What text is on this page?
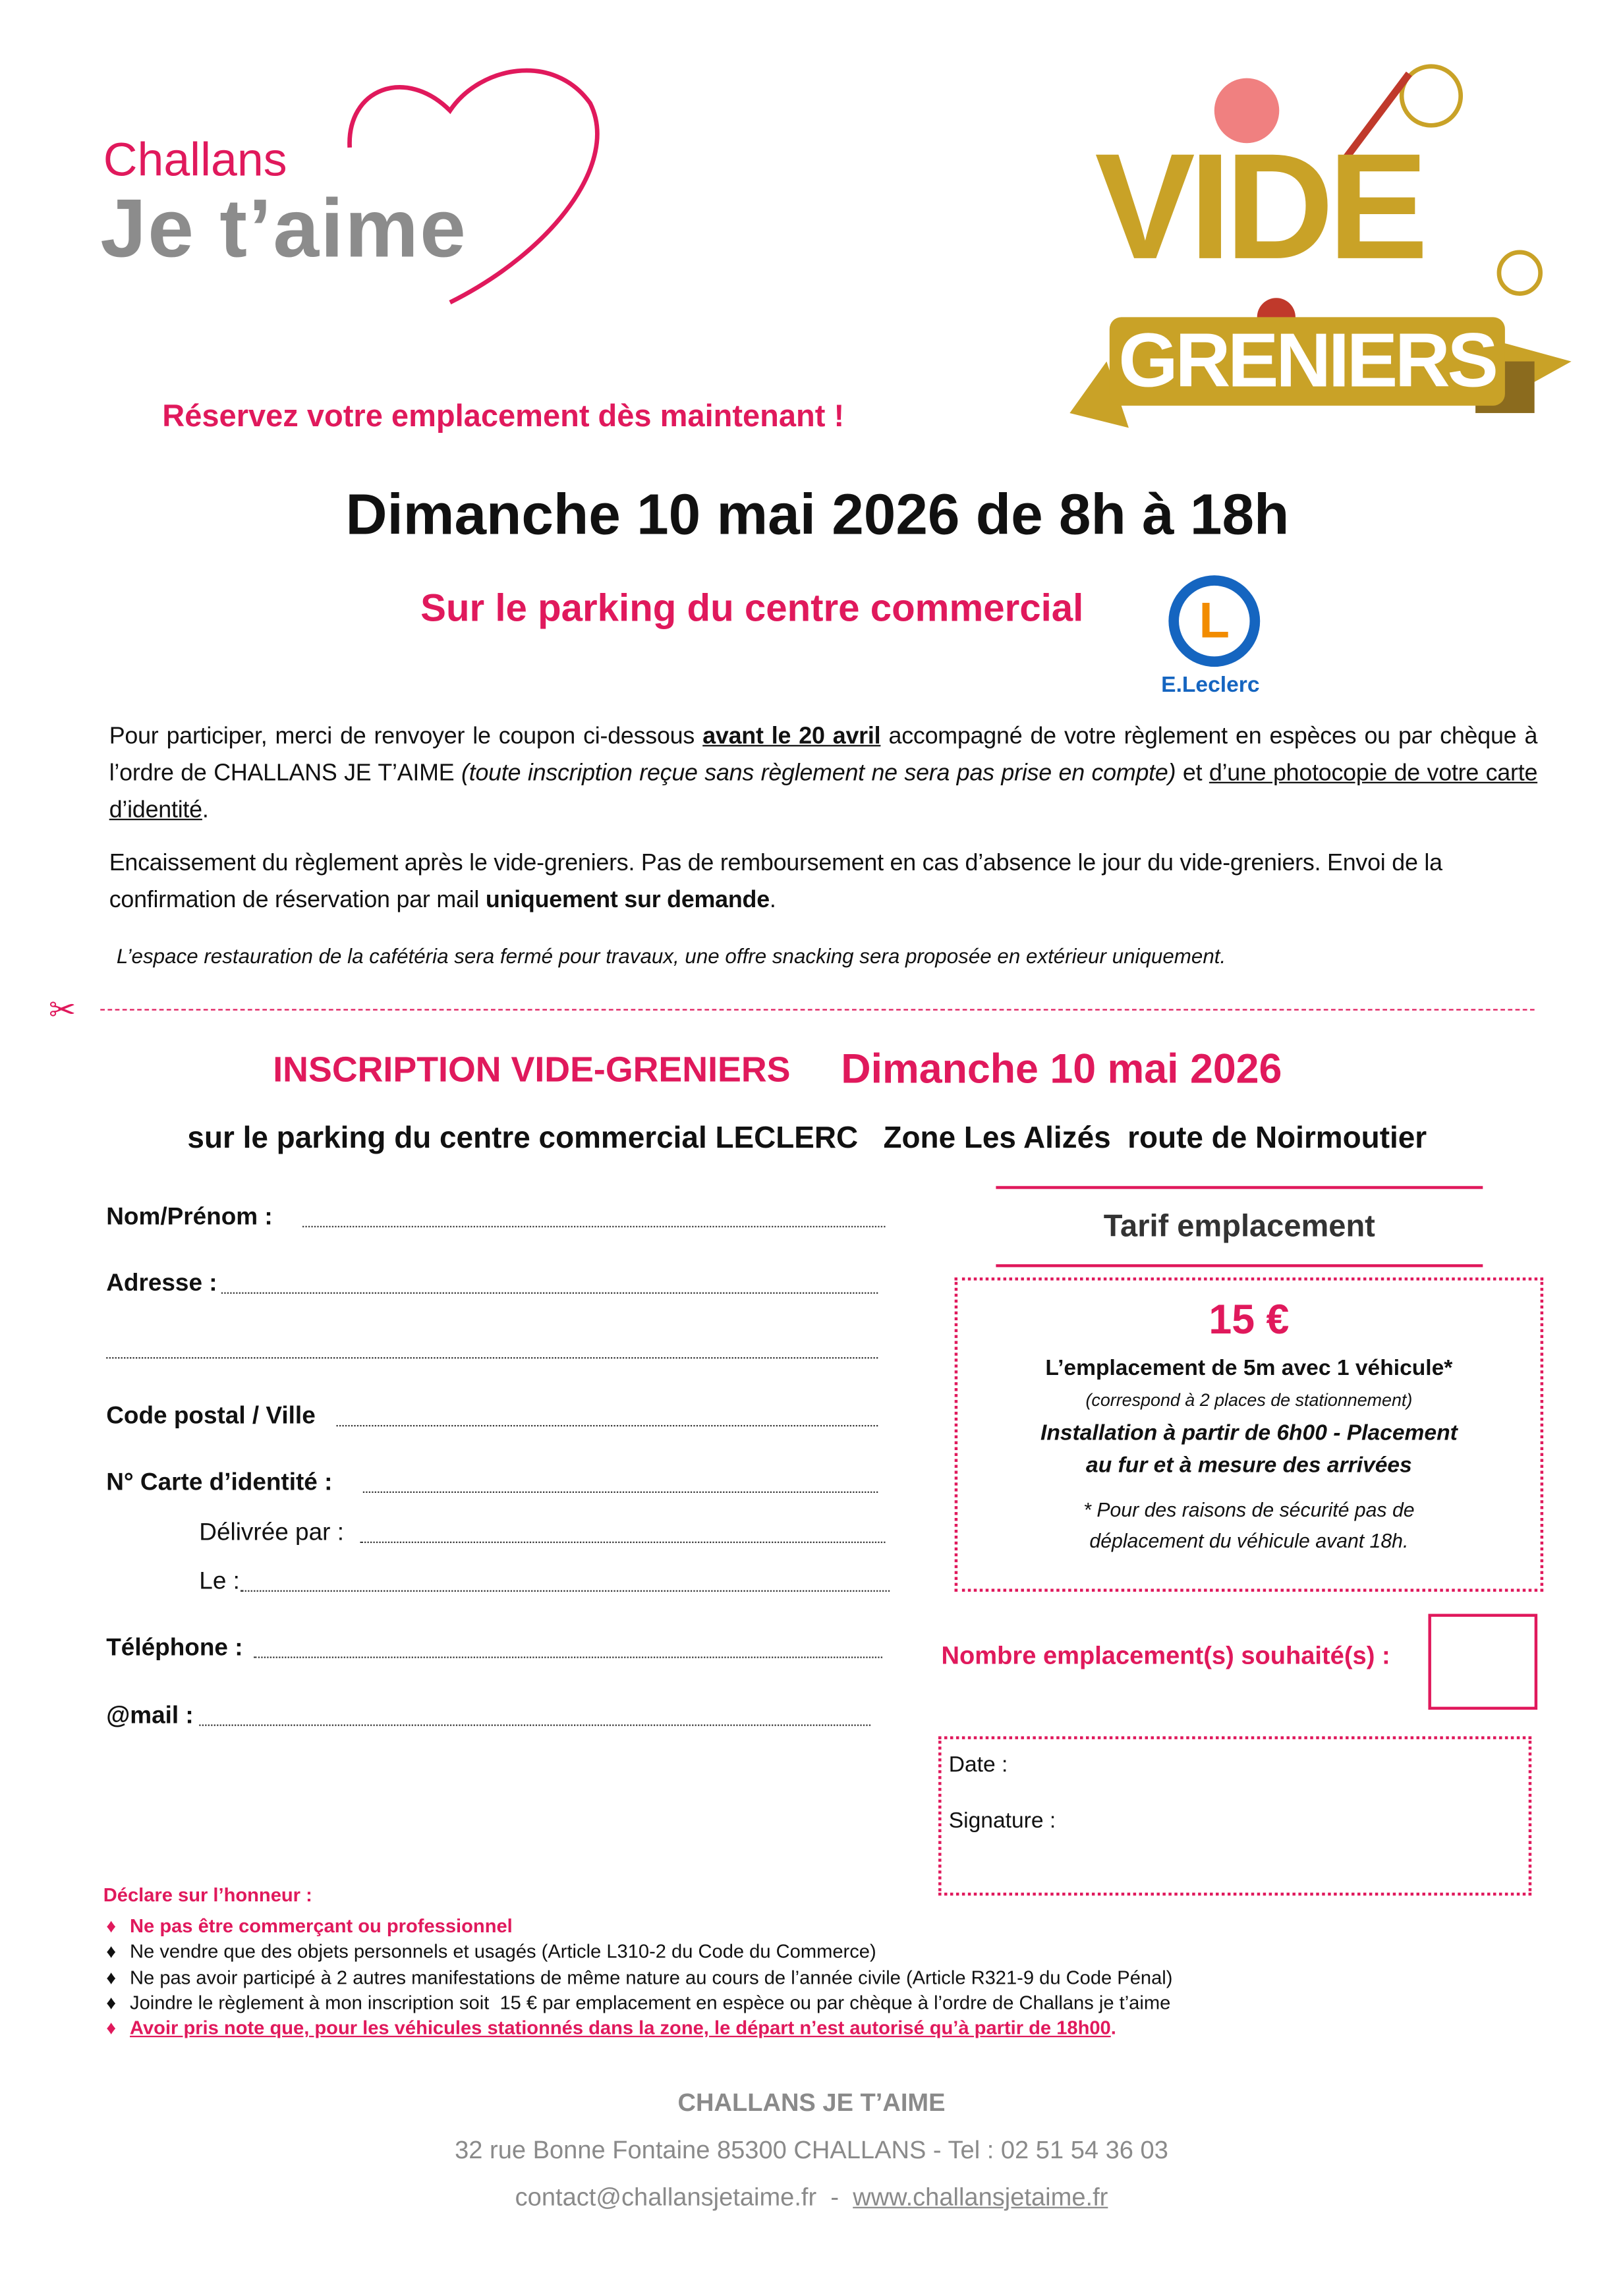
Challans
Je t’aime	VIDE
GRENIERS
Réservez votre emplacement dès maintenant !
Dimanche 10 mai 2026 de 8h à 18h
Sur le parking du centre commercial	L
E.Leclerc
Pour participer, merci de renvoyer le coupon ci-dessous avant le 20 avril accompagné de votre règlement en espèces ou par chèque à l’ordre de CHALLANS JE T’AIME (toute inscription reçue sans règlement ne sera pas prise en compte) et d’une photocopie de votre carte d’identité.
Encaissement du règlement après le vide-greniers. Pas de remboursement en cas d’absence le jour du vide-greniers. Envoi de la confirmation de réservation par mail uniquement sur demande.
L’espace restauration de la cafétéria sera fermé pour travaux, une offre snacking sera proposée en extérieur uniquement.
✂
INSCRIPTION VIDE-GRENIERS	Dimanche 10 mai 2026
sur le parking du centre commercial LECLERC   Zone Les Alizés  route de Noirmoutier
Nom/Prénom :
Adresse :
Code postal / Ville
N° Carte d’identité :
Délivrée par :
Le :
Téléphone :
@mail :
Tarif emplacement
15 €
L’emplacement de 5m avec 1 véhicule*
(correspond à 2 places de stationnement)
Installation à partir de 6h00 - Placement
au fur et à mesure des arrivées
* Pour des raisons de sécurité pas de
déplacement du véhicule avant 18h.
Nombre emplacement(s) souhaité(s) :
Date :
Signature :
Déclare sur l’honneur :
♦ Ne pas être commerçant ou professionnel
♦ Ne vendre que des objets personnels et usagés (Article L310-2 du Code du Commerce)
♦ Ne pas avoir participé à 2 autres manifestations de même nature au cours de l’année civile (Article R321-9 du Code Pénal)
♦ Joindre le règlement à mon inscription soit  15 € par emplacement en espèce ou par chèque à l’ordre de Challans je t’aime
♦ Avoir pris note que, pour les véhicules stationnés dans la zone, le départ n’est autorisé qu’à partir de 18h00.
CHALLANS JE T’AIME
32 rue Bonne Fontaine 85300 CHALLANS - Tel : 02 51 54 36 03
contact@challansjetaime.fr  -  www.challansjetaime.fr
